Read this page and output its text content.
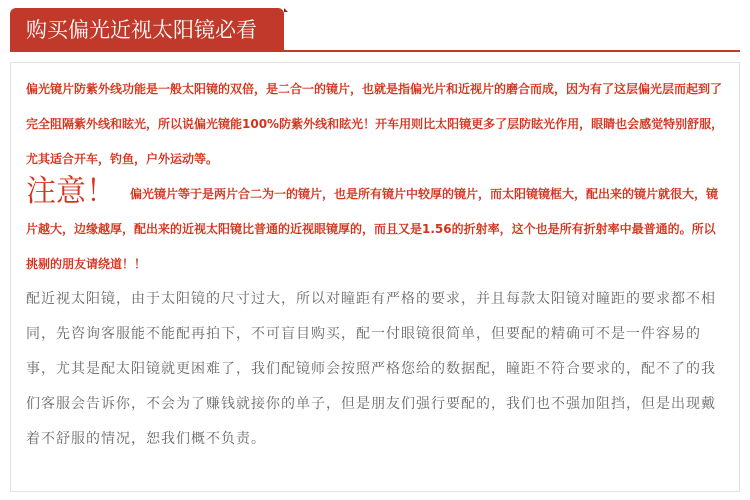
购买偏光近视太阳镜必看

偏光镜片防紫外线功能是一般太阳镜的双倍，是二合一的镜片，也就是指偏光片和近视片的磨合而成，因为有了这层偏光层而起到了完全阻隔紫外线和眩光，所以说偏光镜能100%防紫外线和眩光！开车用则比太阳镜更多了层防眩光作用，眼睛也会感觉特别舒服，尤其适合开车，钓鱼，户外运动等。

注意！ 偏光镜片等于是两片合二为一的镜片，也是所有镜片中较厚的镜片，而太阳镜镜框大，配出来的镜片就很大，镜片越大，边缘越厚，配出来的近视太阳镜比普通的近视眼镜厚的，而且又是1.56的折射率，这个也是所有折射率中最普通的。所以挑剔的朋友请绕道！！

配近视太阳镜，由于太阳镜的尺寸过大，所以对瞳距有严格的要求，并且每款太阳镜对瞳距的要求都不相同，先咨询客服能不能配再拍下，不可盲目购买，配一付眼镜很简单，但要配的精确可不是一件容易的事，尤其是配太阳镜就更困难了，我们配镜师会按照严格您给的数据配，瞳距不符合要求的，配不了的我们客服会告诉你，不会为了赚钱就接你的单子，但是朋友们强行要配的，我们也不强加阻挡，但是出现戴着不舒服的情况，恕我们概不负责。
